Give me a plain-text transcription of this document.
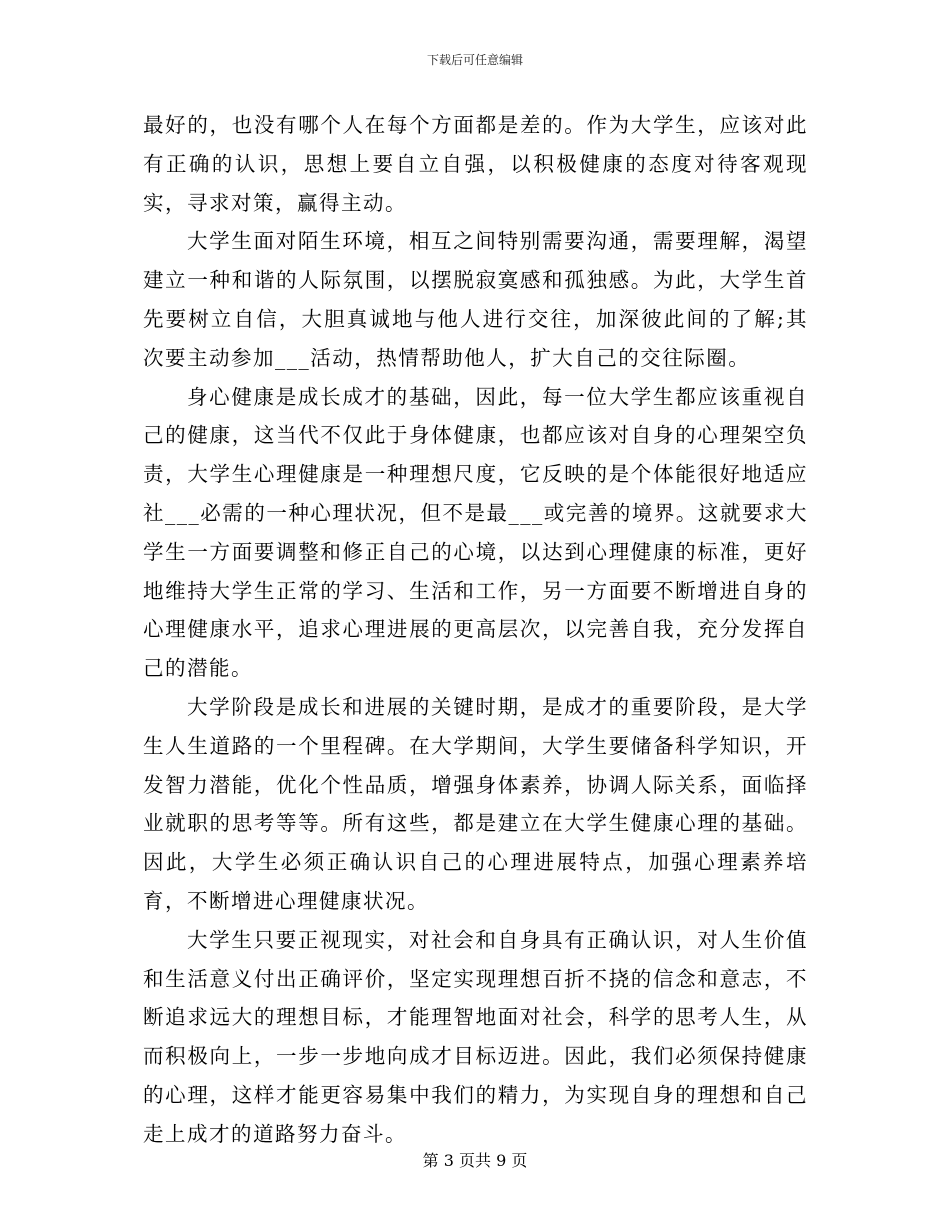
下载后可任意编辑

最好的，也没有哪个人在每个方面都是差的。作为大学生，应该对此有正确的认识，思想上要自立自强，以积极健康的态度对待客观现实，寻求对策，赢得主动。

大学生面对陌生环境，相互之间特别需要沟通，需要理解，渴望建立一种和谐的人际氛围，以摆脱寂寞感和孤独感。为此，大学生首先要树立自信，大胆真诚地与他人进行交往，加深彼此间的了解;其次要主动参加___活动，热情帮助他人，扩大自己的交往际圈。

身心健康是成长成才的基础，因此，每一位大学生都应该重视自己的健康，这当代不仅此于身体健康，也都应该对自身的心理架空负责，大学生心理健康是一种理想尺度，它反映的是个体能很好地适应社___必需的一种心理状况，但不是最___或完善的境界。这就要求大学生一方面要调整和修正自己的心境，以达到心理健康的标准，更好地维持大学生正常的学习、生活和工作，另一方面要不断增进自身的心理健康水平，追求心理进展的更高层次，以完善自我，充分发挥自己的潜能。

大学阶段是成长和进展的关键时期，是成才的重要阶段，是大学生人生道路的一个里程碑。在大学期间，大学生要储备科学知识，开发智力潜能，优化个性品质，增强身体素养，协调人际关系，面临择业就职的思考等等。所有这些，都是建立在大学生健康心理的基础。因此，大学生必须正确认识自己的心理进展特点，加强心理素养培育，不断增进心理健康状况。

大学生只要正视现实，对社会和自身具有正确认识，对人生价值和生活意义付出正确评价，坚定实现理想百折不挠的信念和意志，不断追求远大的理想目标，才能理智地面对社会，科学的思考人生，从而积极向上，一步一步地向成才目标迈进。因此，我们必须保持健康的心理，这样才能更容易集中我们的精力，为实现自身的理想和自己走上成才的道路努力奋斗。

第 3 页共 9 页
